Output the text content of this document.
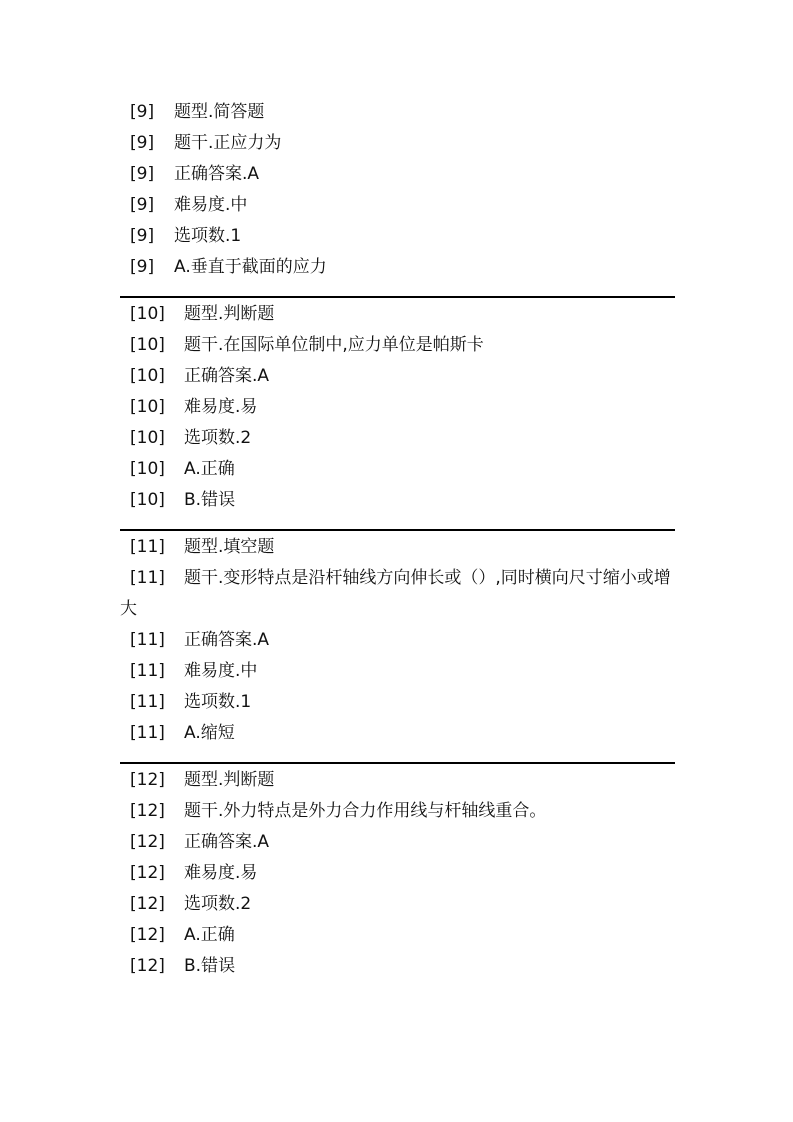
[9] 题型.简答题
[9] 题干.正应力为
[9] 正确答案.A
[9] 难易度.中
[9] 选项数.1
[9] A.垂直于截面的应力
[10] 题型.判断题
[10] 题干.在国际单位制中,应力单位是帕斯卡
[10] 正确答案.A
[10] 难易度.易
[10] 选项数.2
[10] A.正确
[10] B.错误
[11] 题型.填空题
[11]	题干.变形特点是沿杆轴线方向伸长或（）,同时横向尺寸缩小或增大
[11] 正确答案.A
[11] 难易度.中
[11] 选项数.1
[11] A.缩短
[12] 题型.判断题
[12] 题干.外力特点是外力合力作用线与杆轴线重合。
[12] 正确答案.A
[12] 难易度.易
[12] 选项数.2
[12] A.正确
[12] B.错误
